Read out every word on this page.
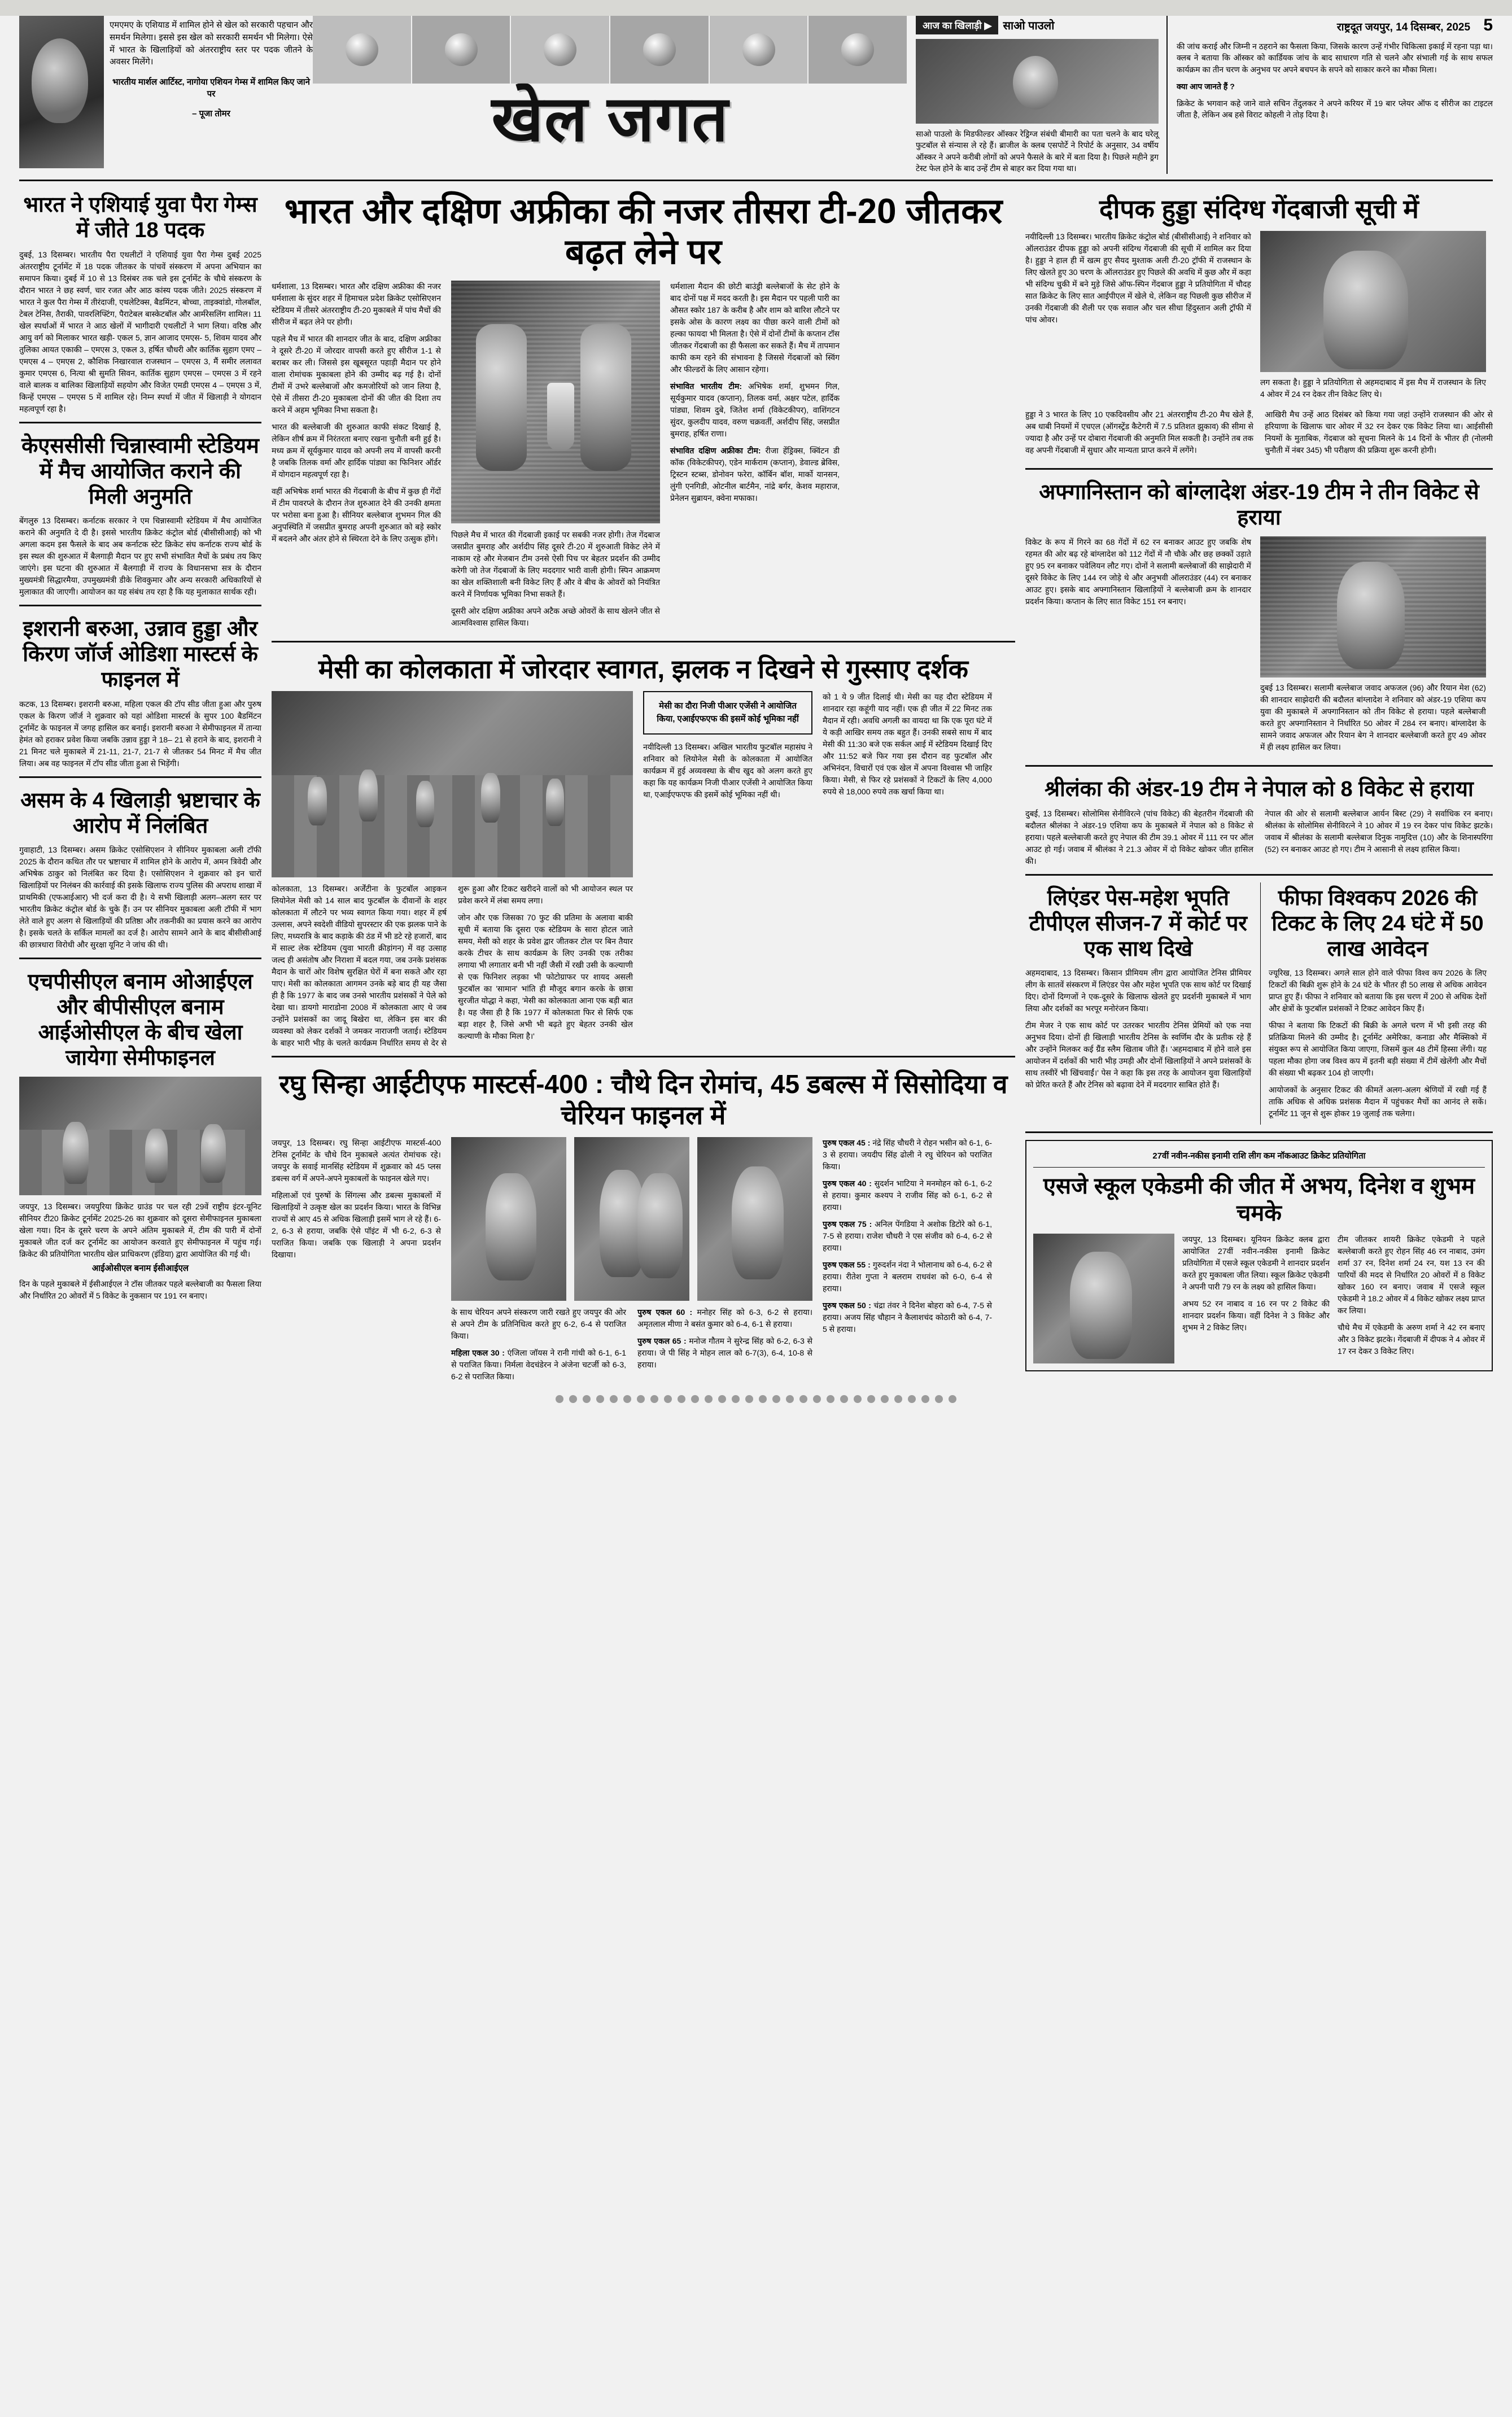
एमएमए के एशियाड में शामिल होने से खेल को सरकारी पहचान और समर्थन मिलेगा। इससे इस खेल को सरकारी समर्थन भी मिलेगा। ऐसे में भारत के खिलाड़ियों को अंतरराष्ट्रीय स्तर पर पदक जीतने के अवसर मिलेंगे।
भारतीय मार्शल आर्टिस्ट, नागोया एशियन गेम्स में शामिल किए जाने पर
– पूजा तोमर	खेल जगत
आज का खिलाड़ी ▶	साओ पाउलो

साओ पाउलो के मिडफील्डर ऑस्कर रेड्रिग्ज संबंधी बीमारी का पता चलने के बाद घरेलू फुटबॉल से संन्यास ले रहे हैं। ब्राजील के क्लब एसपोर्टे ने रिपोर्ट के अनुसार, 34 वर्षीय ऑस्कर ने अपने करीबी लोगों को अपने फैसले के बारे में बता दिया है। पिछले महीने ड्रग टेस्ट फेल होने के बाद उन्हें टीम से बाहर कर दिया गया था।

राष्ट्रदूत जयपुर, 14 दिसम्बर, 2025 5

की जांच कराई और जिम्नी न ठहराने का फैसला किया, जिसके कारण उन्हें गंभीर चिकित्सा इकाई में रहना पड़ा था। क्लब ने बताया कि ऑस्कर को कार्डियक जांच के बाद साधारण गति से चलने और संभाली गई के साथ सफल कार्यक्रम का तीन चरण के अनुभव पर अपने बचपन के सपने को साकार करने का मौका मिला।

क्या आप जानते हैं ?

क्रिकेट के भगवान कहे जाने वाले सचिन तेंदुलकर ने अपने करियर में 19 बार प्लेयर ऑफ द सीरीज का टाइटल जीता है, लेकिन अब हसे विराट कोहली ने तोड़ दिया है।

भारत ने एशियाई युवा पैरा गेम्स में जीते 18 पदक
दुबई, 13 दिसम्बर। भारतीय पैरा एथलीटों ने एशियाई युवा पैरा गेम्स दुबई 2025 अंतरराष्ट्रीय टूर्नामेंट में 18 पदक जीतकर के पांचवें संस्करण में अपना अभियान का समापन किया। दुबई में 10 से 13 दिसंबर तक चले इस टूर्नामेंट के चौथे संस्करण के दौरान भारत ने छह स्वर्ण, चार रजत और आठ कांस्य पदक जीते। 2025 संस्करण में भारत ने कुल पैरा गेम्स में तीरंदाजी, एथलेटिक्स, बैडमिंटन, बोच्चा, ताइक्वांडो, गोलबॉल, टेबल टेनिस, तैराकी, पावरलिफ्टिंग, पैराटेबल बास्केटबॉल और आर्मरेसलिंग शामिल। 11 खेल स्पर्धाओं में भारत ने आठ खेलों में भागीदारी एथलीटों ने भाग लिया। वरिष्ठ और आयु वर्ग को मिलाकर भारत खड़ी- एकल 5, ज्ञान आजाद एमएस- 5, शिवम यादव और तुलिका आयत एकाकी – एमएस 3, एकल 3, हर्षित चौधरी और कार्तिक सुहाग एमए – एमएस 4 – एमएस 2, कौशिक निखारवाल राजस्थान – एमएस 3, मैं समीर ललावत कुमार एमएस 6, नित्या श्री सुमति सिवन, कार्तिक सुहाग एमएस – एमएस 3 में रहने वाले बालक व बालिका खिलाड़ियों सहयोग और विजेत एमडी एमएस 4 – एमएस 3 में, किन्हें एमएस – एमएस 5 में शामिल रहे। निम्न स्पर्धा में जीत में खिलाड़ी ने योगदान महत्वपूर्ण रहा है।
केएससीसी चिन्नास्वामी स्टेडियम में मैच आयोजित कराने की मिली अनुमति
बेंगलुरु 13 दिसम्बर। कर्नाटक सरकार ने एम चिन्नास्वामी स्टेडियम में मैच आयोजित कराने की अनुमति दे दी है। इससे भारतीय क्रिकेट कंट्रोल बोर्ड (बीसीसीआई) को भी अगला कदम इस फैसले के बाद अब कर्नाटक स्टेट क्रिकेट संघ कर्नाटक राज्य बोर्ड के इस स्थल की शुरुआत में बैलगाड़ी मैदान पर हुए सभी संभावित मैचों के प्रबंध तय किए जाएंगे। इस घटना की शुरुआत में बैलगाड़ी में राज्य के विधानसभा सत्र के दौरान मुख्यमंत्री सिद्धारमैया, उपमुख्यमंत्री डीके शिवकुमार और अन्य सरकारी अधिकारियों से मुलाकात की जाएगी। आयोजन का यह संबंध तय रहा है कि यह मुलाकात सार्थक रही।
इशरानी बरुआ, उन्नाव हुड्डा और किरण जॉर्ज ओडिशा मास्टर्स के फाइनल में
कटक, 13 दिसम्बर। इशरानी बरुआ, महिला एकल की टॉप सीड जीता हुआ और पुरुष एकल के किरण जॉर्ज ने शुक्रवार को यहां ओडिशा मास्टर्स के सुपर 100 बैडमिंटन टूर्नामेंट के फाइनल में जगह हासिल कर बनाई। इशरानी बरुआ ने सेमीफाइनल में तान्या हेमंत को हराकर प्रवेश किया जबकि उन्नाव हुड्डा ने 18– 21 से हराने के बाद, इशरानी ने 21 मिनट चले मुकाबले में 21-11, 21-7, 21-7 से जीतकर 54 मिनट में मैच जीत लिया। अब वह फाइनल में टॉप सीड जीता हुआ से भिड़ेंगी।
असम के 4 खिलाड़ी भ्रष्टाचार के आरोप में निलंबित
गुवाहाटी, 13 दिसम्बर। असम क्रिकेट एसोसिएशन ने सीनियर मुकाबला अली टॉफी 2025 के दौरान कथित तौर पर भ्रष्टाचार में शामिल होने के आरोप में, अमन त्रिवेदी और अभिषेक ठाकुर को निलंबित कर दिया है। एसोसिएशन ने शुक्रवार को इन चारों खिलाड़ियों पर निलंबन की कार्रवाई की इसके खिलाफ राज्य पुलिस की अपराध शाखा में प्राथमिकी (एफआईआर) भी दर्ज करा दी है। ये सभी खिलाड़ी अलग–अलग स्तर पर भारतीय क्रिकेट कंट्रोल बोर्ड के चुके हैं। उन पर सीनियर मुकाबला अली टॉफी में भाग लेते वाले हुए अलग से खिलाड़ियों की प्रतिष्ठा और तकनीकी का प्रयास करने का आरोप है। इसके चलते के सर्किल मामलों का दर्ज है। आरोप सामने आने के बाद बीसीसीआई की छात्रधारा विरोधी और सुरक्षा यूनिट ने जांच की थी।
एचपीसीएल बनाम ओआईएल और बीपीसीएल बनाम आईओसीएल के बीच खेला जायेगा सेमीफाइनल
जयपुर, 13 दिसम्बर। जयपुरिया क्रिकेट ग्राउंड पर चल रही 29वें राष्ट्रीय इंटर-यूनिट सीनियर टी20 क्रिकेट टूर्नामेंट 2025-26 का शुक्रवार को दूसरा सेमीफाइनल मुकाबला खेला गया। दिन के दूसरे चरण के अपने अंतिम मुकाबले में, टीम की पारी में दोनों मुकाबले जीत दर्ज कर टूर्नामेंट का आयोजन करवाते हुए सेमीफाइनल में पहुंच गई। क्रिकेट की प्रतियोगिता भारतीय खेल प्राधिकरण (इंडिया) द्वारा आयोजित की गई थी।
आईओसीएल बनाम ईसीआईएल
दिन के पहले मुकाबले में ईसीआईएल ने टॉस जीतकर पहले बल्लेबाजी का फैसला लिया और निर्धारित 20 ओवरों में 5 विकेट के नुकसान पर 191 रन बनाए।
भारत और दक्षिण अफ्रीका की नजर तीसरा टी-20 जीतकर बढ़त लेने पर

धर्मशाला, 13 दिसम्बर। भारत और दक्षिण अफ्रीका की नजर धर्मशाला के सुंदर शहर में हिमाचल प्रदेश क्रिकेट एसोसिएशन स्टेडियम में तीसरे अंतरराष्ट्रीय टी-20 मुकाबले में पांच मैचों की सीरीज में बढ़त लेने पर होगी।

पहले मैच में भारत की शानदार जीत के बाद, दक्षिण अफ्रीका ने दूसरे टी-20 में जोरदार वापसी करते हुए सीरीज 1-1 से बराबर कर ली। जिससे इस खूबसूरत पहाड़ी मैदान पर होने वाला रोमांचक मुकाबला होने की उम्मीद बढ़ गई है। दोनों टीमों में उभरे बल्लेबाजों और कमजोरियों को जान लिया है, ऐसे में तीसरा टी-20 मुकाबला दोनों की जीत की दिशा तय करने में अहम भूमिका निभा सकता है।

भारत की बल्लेबाजी की शुरुआत काफी संकट दिखाई है, लेकिन शीर्ष क्रम में निरंतरता बनाए रखना चुनौती बनी हुई है। मध्य क्रम में सूर्यकुमार यादव को अपनी लय में वापसी करनी है जबकि तिलक वर्मा और हार्दिक पांड्या का फिनिशर ऑर्डर में योगदान महत्वपूर्ण रहा है।

वहीं अभिषेक शर्मा भारत की गेंदबाजी के बीच में कुछ ही गेंदों में टीम पावरप्ले के दौरान तेज शुरुआत देने की उनकी क्षमता पर भरोसा बना हुआ है। सीनियर बल्लेबाज शुभमन गिल की अनुपस्थिति में जसप्रीत बुमराह अपनी शुरुआत को बड़े स्कोर में बदलने और अंतर होने से स्थिरता देने के लिए उत्सुक होंगे।	पिछले मैच में भारत की गेंदबाजी इकाई पर सबकी नजर होगी। तेज गेंदबाज जसप्रीत बुमराह और अर्शदीप सिंह दूसरे टी-20 में शुरुआती विकेट लेने में नाकाम रहे और मेजबान टीम उनसे ऐसी पिच पर बेहतर प्रदर्शन की उम्मीद करेगी जो तेज गेंदबाजों के लिए मददगार भारी वाली होगी। स्पिन आक्रमण का खेल शक्तिशाली बनी विकेट लिए हैं और वे बीच के ओवरों को नियंत्रित करने में निर्णायक भूमिका निभा सकते हैं।

दूसरी ओर दक्षिण अफ्रीका अपने अटैक अच्छे ओवरों के साथ खेलने जीत से आत्मविश्वास हासिल किया।

धर्मशाला मैदान की छोटी बाउंड्री बल्लेबाजों के सेट होने के बाद दोनों पक्ष में मदद करती है। इस मैदान पर पहली पारी का औसत स्कोर 187 के करीब है और शाम को बारिश लौटने पर इसके ओस के कारण लक्ष्य का पीछा करने वाली टीमों को हल्का फायदा भी मिलता है। ऐसे में दोनों टीमों के कप्तान टॉस जीतकर गेंदबाजी का ही फैसला कर सकते हैं। मैच में तापमान काफी कम रहने की संभावना है जिससे गेंदबाजों को स्विंग और फील्डरों के लिए आसान रहेगा।

संभावित भारतीय टीम: अभिषेक शर्मा, शुभमन गिल, सूर्यकुमार यादव (कप्तान), तिलक वर्मा, अक्षर पटेल, हार्दिक पांड्या, शिवम दुबे, जितेश शर्मा (विकेटकीपर), वाशिंगटन सुंदर, कुलदीप यादव, वरुण चक्रवर्ती, अर्शदीप सिंह, जसप्रीत बुमराह, हर्षित राणा।

संभावित दक्षिण अफ्रीका टीम: रीजा हेंड्रिक्स, क्विंटन डी कॉक (विकेटकीपर), एडेन मार्कराम (कप्तान), डेवाल्ड ब्रेविस, ट्रिस्टन स्टब्स, डोनोवन फरेरा, कॉर्बिन बॉश, मार्को यानसन, लुंगी एनगिडी, ओटनील बार्टमैन, नांद्रे बर्गर, केशव महाराज, प्रेनेलन सुब्रायन, क्वेना मफाका।

मेसी का कोलकाता में जोरदार स्वागत, झलक न दिखने से गुस्साए दर्शक

कोलकाता, 13 दिसम्बर। अर्जेंटीना के फुटबॉल आइकन लियोनेल मेसी को 14 साल बाद फुटबॉल के दीवानों के शहर कोलकाता में लौटने पर भव्य स्वागत किया गया। शहर में हर्ष उल्लास, अपने स्वदेशी वीडियो सुपरस्टार की एक झलक पाने के लिए, मध्यरात्रि के बाद कड़ाके की ठंड में भी डटे रहे हजारों, बाद में साल्ट लेक स्टेडियम (युवा भारती क्रीड़ांगन) में वह उत्साह जल्द ही असंतोष और निराशा में बदल गया, जब उनके प्रशंसक मैदान के चारों ओर विशेष सुरक्षित घेरों में बना सकते और रहा पाए। मेसी का कोलकाता आगमन उनके बड़े बाद ही यह जैसा ही है कि 1977 के बाद जब उनसे भारतीय प्रशंसकों ने पेले को देखा था। डायगो माराडोना 2008 में कोलकाता आए थे जब उन्होंने प्रशंसकों का जादू बिखेरा था, लेकिन इस बार की व्यवस्था को लेकर दर्शकों ने जमकर नाराजगी जताई। स्टेडियम के बाहर भारी भीड़ के चलते कार्यक्रम निर्धारित समय से देर से शुरू हुआ और टिकट खरीदने वालों को भी आयोजन स्थल पर प्रवेश करने में लंबा समय लगा।

जोन और एक जिसका 70 फुट की प्रतिमा के अलावा बाकी सूची में बताया कि दूसरा एक स्टेडियम के सारा होटल जाते समय, मेसी को शहर के प्रवेश द्वार जीतकर टोल पर बिन तैयार करके टीचर के साथ कार्यक्रम के लिए उनकी एक तरीका लगाया भी लगातार बनी भी नहीं जैसी में रखी उसी के कल्याणी से एक फिनिशर लड़का भी फोटोग्राफर पर शायद असली फुटबॉल का 'सामान' भांति ही मौजूद बगान करके के छात्रा सुरजीत योद्धा ने कहा, 'मेसी का कोलकाता आना एक बड़ी बात है। यह जैसा ही है कि 1977 में कोलकाता फिर से सिर्फ एक बड़ा शहर है, जिसे अभी भी बढ़ते हुए बेहतर उनकी खेल कल्याणी के मौका मिला है।'

मेसी का दौरा निजी पीआर एजेंसी ने आयोजित किया, एआईएफएफ की इसमें कोई भूमिका नहीं

नयीदिल्ली 13 दिसम्बर। अखिल भारतीय फुटबॉल महासंघ ने शनिवार को लियोनेल मेसी के कोलकाता में आयोजित कार्यक्रम में हुई अव्यवस्था के बीच खुद को अलग करते हुए कहा कि यह कार्यक्रम निजी पीआर एजेंसी ने आयोजित किया था, एआईएफएफ की इसमें कोई भूमिका नहीं थी।

को 1 ये 9 जीत दिलाई थी। मेसी का यह दौरा स्टेडियम में शानदार रहा कहूंगी याद नहीं। एक ही जीत में 22 मिनट तक मैदान में रही। अवधि अगली का वायदा था कि एक पूरा घंटे में ये कड़ी आखिर समय तक बहुत हैं। उनकी सबसे साथ में बाद मेसी की 11:30 बजे एक सर्कल आई में स्टेडियम दिखाई दिए और 11:52 बजे फिर गया इस दौरान वह फुटबॉल और अभिनंदन, विचारों एवं एक खेल में अपना विश्वास भी जाहिर किया। मेसी, से फिर रहे प्रशंसकों ने टिकटों के लिए 4,000 रुपये से 18,000 रुपये तक खर्चा किया था।

रघु सिन्हा आईटीएफ मास्टर्स-400 : चौथे दिन रोमांच, 45 डबल्स में सिसोदिया व चेरियन फाइनल में

जयपुर, 13 दिसम्बर। रघु सिन्हा आईटीएफ मास्टर्स-400 टेनिस टूर्नामेंट के चौथे दिन मुकाबले अत्यंत रोमांचक रहे। जयपुर के सवाई मानसिंह स्टेडियम में शुक्रवार को 45 प्लस डबल्स वर्ग में अपने-अपने मुकाबलों के फाइनल खेले गए।

महिलाओं एवं पुरुषों के सिंगल्स और डबल्स मुकाबलों में खिलाड़ियों ने उत्कृष्ट खेल का प्रदर्शन किया। भारत के विभिन्न राज्यों से आए 45 से अधिक खिलाड़ी इसमें भाग ले रहे हैं। 6-2, 6-3 से हराया, जबकि ऐसे पॉइंट में भी 6-2, 6-3 से पराजित किया। जबकि एक खिलाड़ी ने अपना प्रदर्शन दिखाया।

के साथ चेरियन अपने संस्करण जारी रखते हुए जयपुर की ओर से अपने टीम के प्रतिनिधित्व करते हुए 6-2, 6-4 से पराजित किया।

महिला एकल 30 : एंजिला जॉयस ने रानी गांधी को 6-1, 6-1 से पराजित किया। निर्मला वेदचंडेरन ने अंजेना चटर्जी को 6-3, 6-2 से पराजित किया।

पुरुष एकल 60 : मनोहर सिंह को 6-3, 6-2 से हराया। अमृतलाल मीणा ने बसंत कुमार को 6-4, 6-1 से हराया।

पुरुष एकल 65 : मनोज गौतम ने सुरेन्द्र सिंह को 6-2, 6-3 से हराया। जे पी सिंह ने मोहन लाल को 6-7(3), 6-4, 10-8 से हराया।

पुरुष एकल 45 : नंद्रे सिंह चौधरी ने रोहन भसीन को 6-1, 6-3 से हराया। जयदीप सिंह ढोली ने रघु चेरियन को पराजित किया।

पुरुष एकल 40 : सुदर्शन भाटिया ने मनमोहन को 6-1, 6-2 से हराया। कुमार कश्यप ने राजीव सिंह को 6-1, 6-2 से हराया।

पुरुष एकल 75 : अनिल पेंगडिया ने अशोक डिटोरे को 6-1, 7-5 से हराया। राजेश चौधरी ने एस संजीव को 6-4, 6-2 से हराया।

पुरुष एकल 55 : गुरुदर्शन नंदा ने भोलानाथ को 6-4, 6-2 से हराया। रीतेश गुप्ता ने बलराम राधवंश को 6-0, 6-4 से हराया।

पुरुष एकल 50 : चंद्रा तंवर ने दिनेश बोहरा को 6-4, 7-5 से हराया। अजय सिंह चौहान ने कैलाशचंद कोठारी को 6-4, 7-5 से हराया।

दीपक हुड्डा संदिग्ध गेंदबाजी सूची में

नयीदिल्ली 13 दिसम्बर। भारतीय क्रिकेट कंट्रोल बोर्ड (बीसीसीआई) ने शनिवार को ऑलराउंडर दीपक हुड्डा को अपनी संदिग्ध गेंदबाजी की सूची में शामिल कर दिया है। हुड्डा ने हाल ही में खत्म हुए सैयद मुश्ताक अली टी-20 ट्रॉफी में राजस्थान के लिए खेलते हुए 30 चरण के ऑलराउंडर हुए पिछले की अवधि में कुछ और में कहा भी संदिग्ध चुकी में बने मुड़े जिसे ऑफ-स्पिन गेंदबाज हुड्डा ने प्रतियोगिता में चौदह सात क्रिकेट के लिए सात आईपीएल में खेले थे, लेकिन वह पिछली कुछ सीरीज में उनकी गेंदबाजी की शैली पर एक सवाल और चल सीधा हिंदुस्तान अली ट्रॉफी में पांच ओवर।

लग सकता है। हुड्डा ने प्रतियोगिता से अहमदाबाद में इस मैच में राजस्थान के लिए 4 ओवर में 24 रन देकर तीन विकेट लिए थे।

हुड्डा ने 3 भारत के लिए 10 एकदिवसीय और 21 अंतरराष्ट्रीय टी-20 मैच खेले हैं, अब धाबी नियमों में एचएल (ऑगस्ट्रेंड कैटेगरी में 7.5 प्रतिशत झुकाव) की सीमा से ज्यादा है और उन्हें पर दोबारा गेंदबाजी की अनुमति मिल सकती है। उन्होंने तब तक वह अपनी गेंदबाजी में सुधार और मान्यता प्राप्त करने में लगेंगे।

आखिरी मैच उन्हें आठ दिसंबर को किया गया जहां उन्होंने राजस्थान की ओर से हरियाणा के खिलाफ चार ओवर में 32 रन देकर एक विकेट लिया था। आईसीसी नियमों के मुताबिक, गेंदबाज को सूचना मिलने के 14 दिनों के भीतर ही (नोलमी चुनौती में नंबर 345) भी परीक्षण की प्रक्रिया शुरू करनी होगी।

अफ्गानिस्तान को बांग्लादेश अंडर-19 टीम ने तीन विकेट से हराया

विकेट के रूप में गिरने का 68 गेंदों में 62 रन बनाकर आउट हुए जबकि शेष रहमत की ओर बढ़ रहे बांग्लादेश को 112 गेंदों में नौ चौके और छह छक्कों उड़ाते हुए 95 रन बनाकर पवेलियन लौट गए। दोनों ने सलामी बल्लेबाजों की साझेदारी में दूसरे विकेट के लिए 144 रन जोड़े थे और अनुभवी ऑलराउंडर (44) रन बनाकर आउट हुए। इसके बाद अफ्गानिस्तान खिलाड़ियों ने बल्लेबाजी क्रम के शानदार प्रदर्शन किया। कप्तान के लिए सात विकेट 151 रन बनाए।

दुबई 13 दिसम्बर। सलामी बल्लेबाज जवाद अफजल (96) और रियान मेश (62) की शानदार साझेदारी की बदौलत बांग्लादेश ने शनिवार को अंडर-19 एशिया कप युवा की मुकाबले में अफ्गानिस्तान को तीन विकेट से हराया। पहले बल्लेबाजी करते हुए अफ्गानिस्तान ने निर्धारित 50 ओवर में 284 रन बनाए। बांग्लादेश के सामने जवाद अफजल और रियान बेग ने शानदार बल्लेबाजी करते हुए 49 ओवर में ही लक्ष्य हासिल कर लिया।

श्रीलंका की अंडर-19 टीम ने नेपाल को 8 विकेट से हराया

दुबई, 13 दिसम्बर। सोलोमिस सेनीविरत्ने (पांच विकेट) की बेहतरीन गेंदबाजी की बदौलत श्रीलंका ने अंडर-19 एशिया कप के मुकाबले में नेपाल को 8 विकेट से हराया। पहले बल्लेबाजी करते हुए नेपाल की टीम 39.1 ओवर में 111 रन पर ऑल आउट हो गई। जवाब में श्रीलंका ने 21.3 ओवर में दो विकेट खोकर जीत हासिल की।

नेपाल की ओर से सलामी बल्लेबाज आर्यन बिस्ट (29) ने सर्वाधिक रन बनाए। श्रीलंका के सोलोमिस सेनीविरत्ने ने 10 ओवर में 19 रन देकर पांच विकेट झटके। जवाब में श्रीलंका के सलामी बल्लेबाज दिनुक नामुदित्त (10) और के शिनास्परिंगा (52) रन बनाकर आउट हो गए। टीम ने आसानी से लक्ष्य हासिल किया।

लिएंडर पेस-महेश भूपति टीपीएल सीजन-7 में कोर्ट पर एक साथ दिखे

अहमदाबाद, 13 दिसम्बर। किसान प्रीमियम लीग द्वारा आयोजित टेनिस प्रीमियर लीग के सातवें संस्करण में लिएंडर पेस और महेश भूपति एक साथ कोर्ट पर दिखाई दिए। दोनों दिग्गजों ने एक-दूसरे के खिलाफ खेलते हुए प्रदर्शनी मुकाबले में भाग लिया और दर्शकों का भरपूर मनोरंजन किया।

टीम मेजर ने एक साथ कोर्ट पर उतरकर भारतीय टेनिस प्रेमियों को एक नया अनुभव दिया। दोनों ही खिलाड़ी भारतीय टेनिस के स्वर्णिम दौर के प्रतीक रहे हैं और उन्होंने मिलकर कई ग्रैंड स्लैम खिताब जीते हैं। 'अहमदाबाद में होने वाले इस आयोजन में दर्शकों की भारी भीड़ उमड़ी और दोनों खिलाड़ियों ने अपने प्रशंसकों के साथ तस्वीरें भी खिंचवाईं।' पेस ने कहा कि इस तरह के आयोजन युवा खिलाड़ियों को प्रेरित करते हैं और टेनिस को बढ़ावा देने में मददगार साबित होते हैं।

फीफा विश्वकप 2026 की टिकट के लिए 24 घंटे में 50 लाख आवेदन

ज्यूरिख, 13 दिसम्बर। अगले साल होने वाले फीफा विश्व कप 2026 के लिए टिकटों की बिक्री शुरू होने के 24 घंटे के भीतर ही 50 लाख से अधिक आवेदन प्राप्त हुए हैं। फीफा ने शनिवार को बताया कि इस चरण में 200 से अधिक देशों और क्षेत्रों के फुटबॉल प्रशंसकों ने टिकट आवेदन किए हैं।

फीफा ने बताया कि टिकटों की बिक्री के अगले चरण में भी इसी तरह की प्रतिक्रिया मिलने की उम्मीद है। टूर्नामेंट अमेरिका, कनाडा और मैक्सिको में संयुक्त रूप से आयोजित किया जाएगा, जिसमें कुल 48 टीमें हिस्सा लेंगी। यह पहला मौका होगा जब विश्व कप में इतनी बड़ी संख्या में टीमें खेलेंगी और मैचों की संख्या भी बढ़कर 104 हो जाएगी।

आयोजकों के अनुसार टिकट की कीमतें अलग-अलग श्रेणियों में रखी गई हैं ताकि अधिक से अधिक प्रशंसक मैदान में पहुंचकर मैचों का आनंद ले सकें। टूर्नामेंट 11 जून से शुरू होकर 19 जुलाई तक चलेगा।

27वीं नवीन-नकीस इनामी राशि लीग कम नॉकआउट क्रिकेट प्रतियोगिता
एसजे स्कूल एकेडमी की जीत में अभय, दिनेश व शुभम चमके

जयपुर, 13 दिसम्बर। यूनियन क्रिकेट क्लब द्वारा आयोजित 27वीं नवीन-नकीस इनामी क्रिकेट प्रतियोगिता में एसजे स्कूल एकेडमी ने शानदार प्रदर्शन करते हुए मुकाबला जीत लिया। स्कूल क्रिकेट एकेडमी ने अपनी पारी 79 रन के लक्ष्य को हासिल किया।

अभय 52 रन नाबाद व 16 रन पर 2 विकेट की शानदार प्रदर्शन किया। वहीं दिनेश ने 3 विकेट और शुभम ने 2 विकेट लिए।

टीम जीतकर शायरी क्रिकेट एकेडमी ने पहले बल्लेबाजी करते हुए रोहन सिंह 46 रन नाबाद, उमंग शर्मा 37 रन, दिनेश शर्मा 24 रन, यश 13 रन की पारियों की मदद से निर्धारित 20 ओवरों में 8 विकेट खोकर 160 रन बनाए। जवाब में एसजे स्कूल एकेडमी ने 18.2 ओवर में 4 विकेट खोकर लक्ष्य प्राप्त कर लिया।

चौथे मैच में एकेडमी के अरुण शर्मा ने 42 रन बनाए और 3 विकेट झटके। गेंदबाजी में दीपक ने 4 ओवर में 17 रन देकर 3 विकेट लिए।
